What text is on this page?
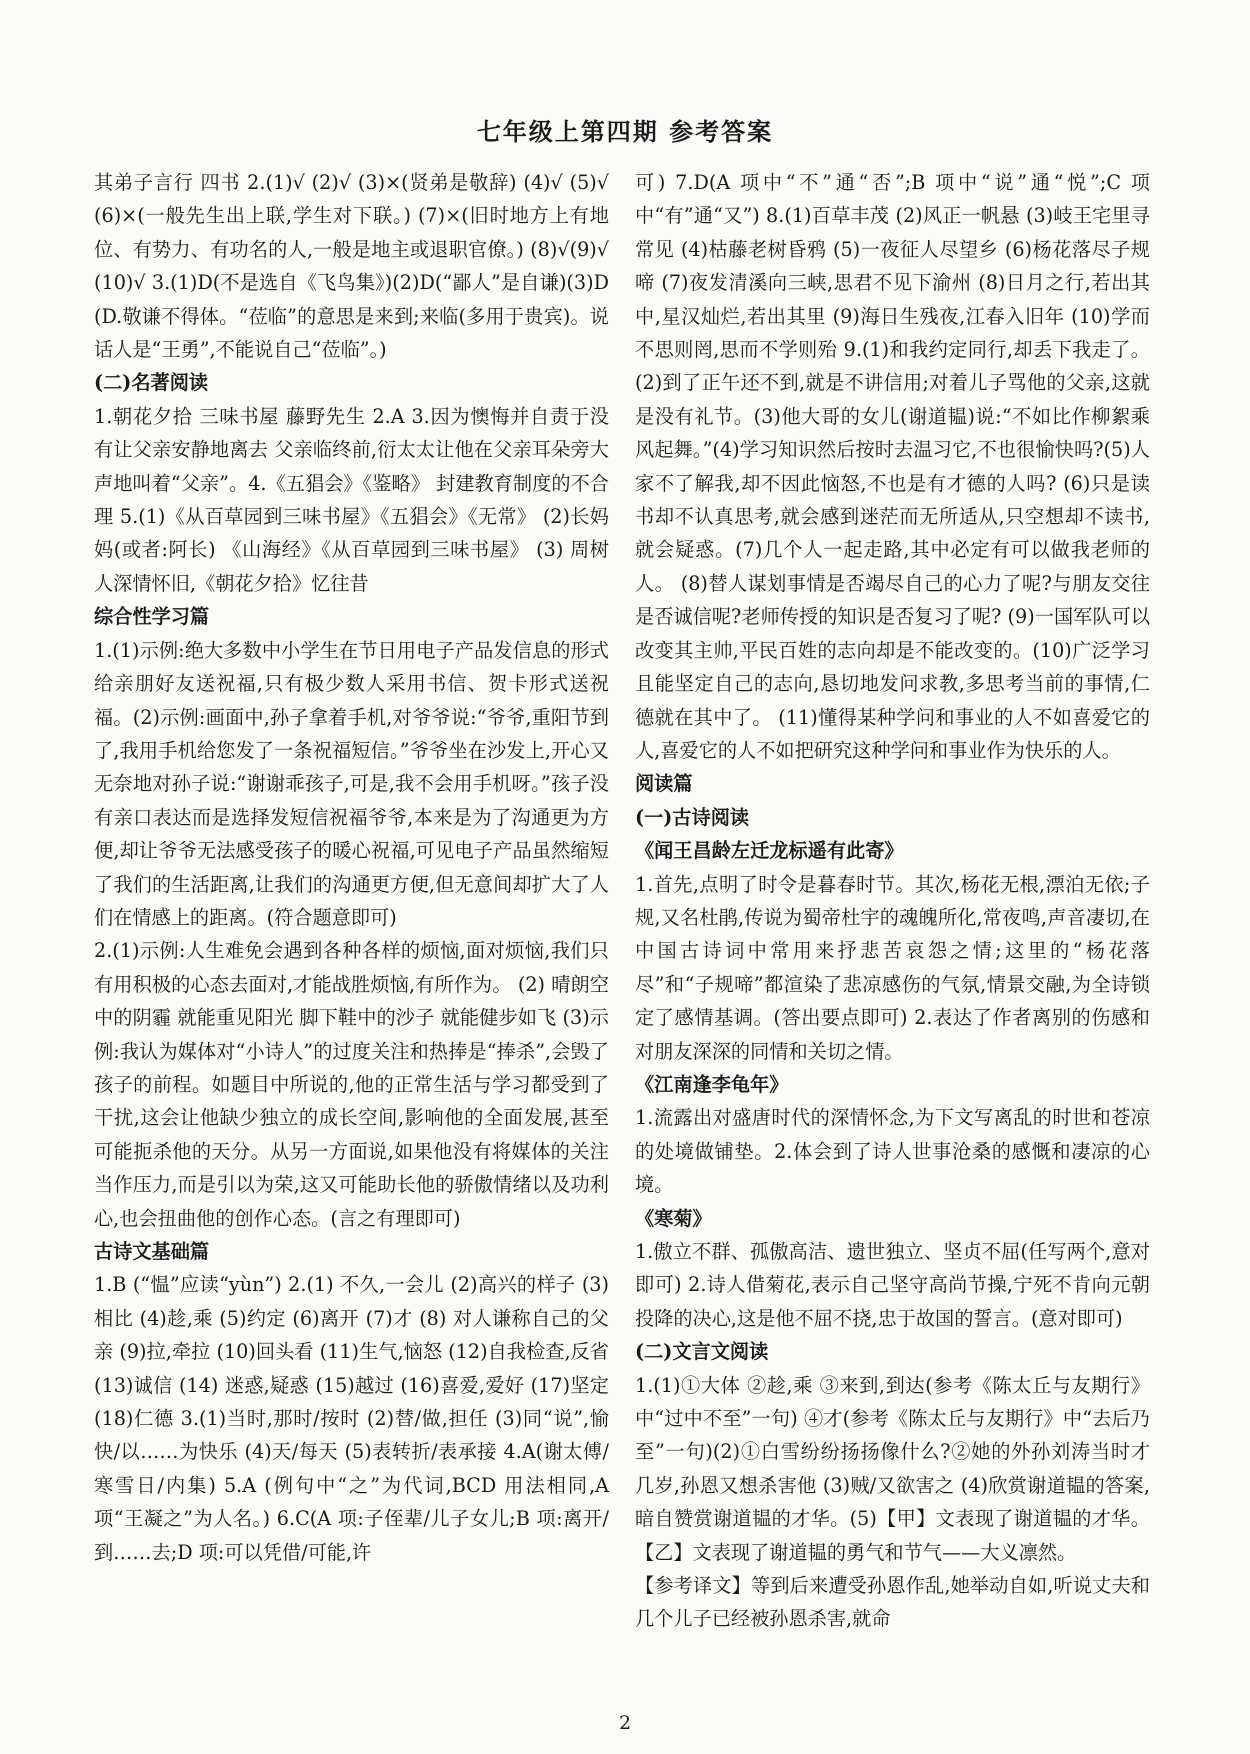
七年级上第四期 参考答案

其弟子言行 四书 2.(1)√ (2)√ (3)×(贤弟是敬辞) (4)√ (5)√ (6)×(一般先生出上联,学生对下联。) (7)×(旧时地方上有地位、有势力、有功名的人,一般是地主或退职官僚。) (8)√(9)√ (10)√ 3.(1)D(不是选自《飞鸟集》)(2)D(“鄙人”是自谦)(3)D(D.敬谦不得体。“莅临”的意思是来到;来临(多用于贵宾)。说话人是“王勇”,不能说自己“莅临”。)

(二)名著阅读

1.朝花夕拾 三味书屋 藤野先生 2.A 3.因为懊悔并自责于没有让父亲安静地离去 父亲临终前,衍太太让他在父亲耳朵旁大声地叫着“父亲”。4.《五猖会》《鉴略》 封建教育制度的不合理 5.(1)《从百草园到三味书屋》《五猖会》《无常》 (2)长妈妈(或者:阿长) 《山海经》《从百草园到三味书屋》 (3) 周树人深情怀旧,《朝花夕拾》忆往昔

综合性学习篇

1.(1)示例:绝大多数中小学生在节日用电子产品发信息的形式给亲朋好友送祝福,只有极少数人采用书信、贺卡形式送祝福。(2)示例:画面中,孙子拿着手机,对爷爷说:“爷爷,重阳节到了,我用手机给您发了一条祝福短信。”爷爷坐在沙发上,开心又无奈地对孙子说:“谢谢乖孩子,可是,我不会用手机呀。”孩子没有亲口表达而是选择发短信祝福爷爷,本来是为了沟通更为方便,却让爷爷无法感受孩子的暖心祝福,可见电子产品虽然缩短了我们的生活距离,让我们的沟通更方便,但无意间却扩大了人们在情感上的距离。(符合题意即可)

2.(1)示例:人生难免会遇到各种各样的烦恼,面对烦恼,我们只有用积极的心态去面对,才能战胜烦恼,有所作为。 (2) 晴朗空中的阴霾 就能重见阳光 脚下鞋中的沙子 就能健步如飞 (3)示例:我认为媒体对“小诗人”的过度关注和热捧是“捧杀”,会毁了孩子的前程。如题目中所说的,他的正常生活与学习都受到了干扰,这会让他缺少独立的成长空间,影响他的全面发展,甚至可能扼杀他的天分。从另一方面说,如果他没有将媒体的关注当作压力,而是引以为荣,这又可能助长他的骄傲情绪以及功利心,也会扭曲他的创作心态。(言之有理即可)

古诗文基础篇

1.B (“愠”应读“yùn”) 2.(1) 不久,一会儿 (2)高兴的样子 (3)相比 (4)趁,乘 (5)约定 (6)离开 (7)才 (8) 对人谦称自己的父亲 (9)拉,牵拉 (10)回头看 (11)生气,恼怒 (12)自我检查,反省 (13)诚信 (14) 迷惑,疑惑 (15)越过 (16)喜爱,爱好 (17)坚定 (18)仁德 3.(1)当时,那时/按时 (2)替/做,担任 (3)同“说”,愉快/以……为快乐 (4)天/每天 (5)表转折/表承接 4.A(谢太傅/寒雪日/内集) 5.A (例句中“之”为代词,BCD 用法相同,A 项“王凝之”为人名。) 6.C(A 项:子侄辈/儿子女儿;B 项:离开/到……去;D 项:可以凭借/可能,许

可) 7.D(A 项中“不”通“否”;B 项中“说”通“悦”;C 项中“有”通“又”) 8.(1)百草丰茂 (2)风正一帆悬 (3)岐王宅里寻常见 (4)枯藤老树昏鸦 (5)一夜征人尽望乡 (6)杨花落尽子规啼 (7)夜发清溪向三峡,思君不见下渝州 (8)日月之行,若出其中,星汉灿烂,若出其里 (9)海日生残夜,江春入旧年 (10)学而不思则罔,思而不学则殆 9.(1)和我约定同行,却丢下我走了。(2)到了正午还不到,就是不讲信用;对着儿子骂他的父亲,这就是没有礼节。(3)他大哥的女儿(谢道韫)说:“不如比作柳絮乘风起舞。”(4)学习知识然后按时去温习它,不也很愉快吗?(5)人家不了解我,却不因此恼怒,不也是有才德的人吗? (6)只是读书却不认真思考,就会感到迷茫而无所适从,只空想却不读书,就会疑惑。(7)几个人一起走路,其中必定有可以做我老师的人。 (8)替人谋划事情是否竭尽自己的心力了呢?与朋友交往是否诚信呢?老师传授的知识是否复习了呢? (9)一国军队可以改变其主帅,平民百姓的志向却是不能改变的。(10)广泛学习且能坚定自己的志向,恳切地发问求教,多思考当前的事情,仁德就在其中了。 (11)懂得某种学问和事业的人不如喜爱它的人,喜爱它的人不如把研究这种学问和事业作为快乐的人。

阅读篇
(一)古诗阅读
《闻王昌龄左迁龙标遥有此寄》

1.首先,点明了时令是暮春时节。其次,杨花无根,漂泊无依;子规,又名杜鹃,传说为蜀帝杜宇的魂魄所化,常夜鸣,声音凄切,在中国古诗词中常用来抒悲苦哀怨之情;这里的“杨花落尽”和“子规啼”都渲染了悲凉感伤的气氛,情景交融,为全诗锁定了感情基调。(答出要点即可) 2.表达了作者离别的伤感和对朋友深深的同情和关切之情。

《江南逢李龟年》

1.流露出对盛唐时代的深情怀念,为下文写离乱的时世和苍凉的处境做铺垫。2.体会到了诗人世事沧桑的感慨和凄凉的心境。

《寒菊》

1.傲立不群、孤傲高洁、遗世独立、坚贞不屈(任写两个,意对即可) 2.诗人借菊花,表示自己坚守高尚节操,宁死不肯向元朝投降的决心,这是他不屈不挠,忠于故国的誓言。(意对即可)

(二)文言文阅读

1.(1)①大体 ②趁,乘 ③来到,到达(参考《陈太丘与友期行》中“过中不至”一句) ④才(参考《陈太丘与友期行》中“去后乃至”一句)(2)①白雪纷纷扬扬像什么?②她的外孙刘涛当时才几岁,孙恩又想杀害他 (3)贼/又欲害之 (4)欣赏谢道韫的答案,暗自赞赏谢道韫的才华。(5)【甲】文表现了谢道韫的才华。【乙】文表现了谢道韫的勇气和节气——大义凛然。

【参考译文】等到后来遭受孙恩作乱,她举动自如,听说丈夫和几个儿子已经被孙恩杀害,就命

2
